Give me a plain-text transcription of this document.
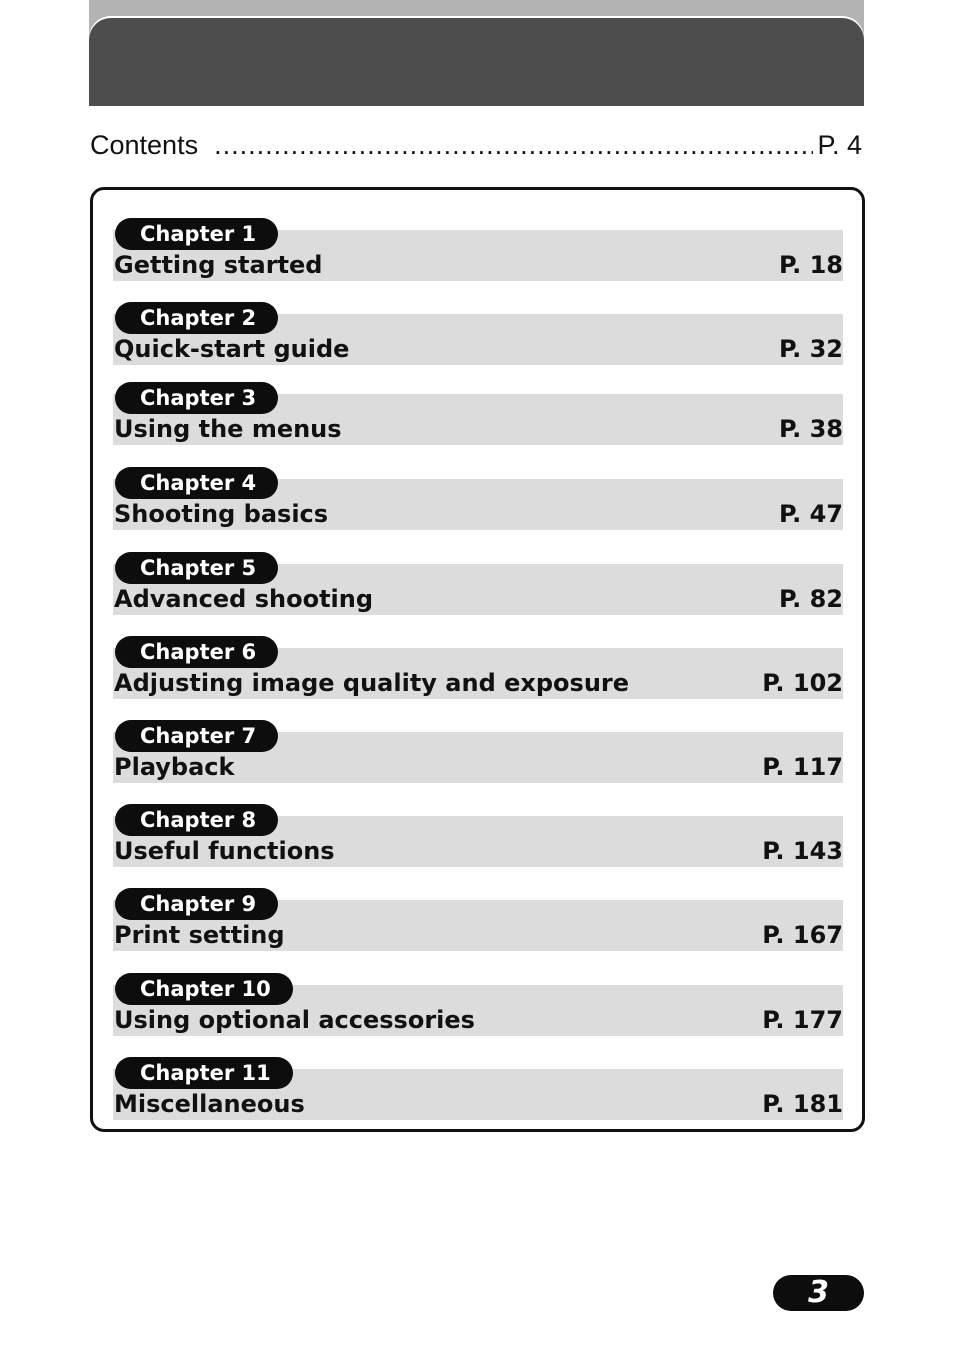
Contents
.....	P. 4
Chapter 1
Getting started	P. 18
Chapter 2
Quick-start guide	P. 32
Chapter 3
Using the menus	P. 38
Chapter 4
Shooting basics	P. 47
Chapter 5
Advanced shooting	P. 82
Chapter 6
Adjusting image quality and exposure	P. 102
Chapter 7
Playback	P. 117
Chapter 8
Useful functions	P. 143
Chapter 9
Print setting	P. 167
Chapter 10
Using optional accessories	P. 177
Chapter 11
Miscellaneous	P. 181
3
